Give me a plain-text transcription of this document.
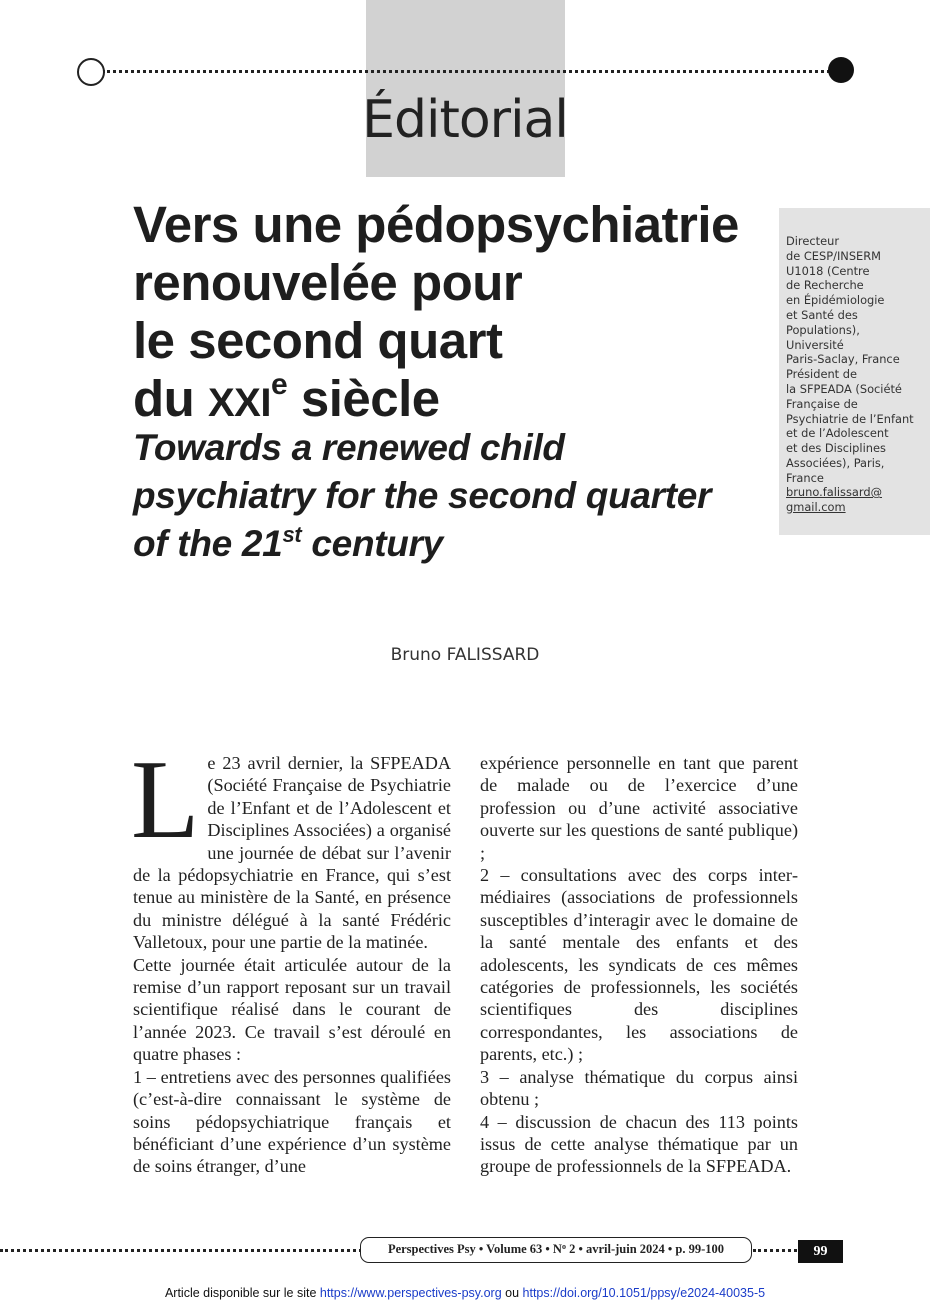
Éditorial
Vers une pédopsychiatrie
renouvelée pour
le second quart
du XXIe siècle
Towards a renewed child
psychiatry for the second quarter
of the 21st century
Directeur
de CESP/INSERM
U1018 (Centre
de Recherche
en Épidémiologie
et Santé des
Populations),
Université
Paris-Saclay, France
Président de
la SFPEADA (Société
Française de
Psychiatrie de l’Enfant
et de l’Adolescent
et des Disciplines
Associées), Paris,
France
bruno.falissard@
gmail.com
Bruno FALISSARD

Le 23 avril dernier, la SFPEADA (Société Française de Psychiatrie de l’Enfant et de l’Adolescent et Disciplines Associées) a organisé une journée de débat sur l’avenir de la pédopsychiatrie en France, qui s’est tenue au ministère de la Santé, en présence du ministre délégué à la santé Frédéric Valletoux, pour une partie de la matinée.

Cette journée était articulée autour de la remise d’un rapport reposant sur un travail scientifique réalisé dans le courant de l’année 2023. Ce travail s’est déroulé en quatre phases :

1 – entretiens avec des personnes qualifiées (c’est-à-dire connaissant le système de soins pédopsychiatrique français et bénéficiant d’une expérience d’un système de soins étranger, d’une

expérience personnelle en tant que parent de malade ou de l’exercice d’une profession ou d’une activité associative ouverte sur les questions de santé publique) ;

2 – consultations avec des corps intermédiaires (associations de professionnels susceptibles d’interagir avec le domaine de la santé mentale des enfants et des adolescents, les syndicats de ces mêmes catégories de professionnels, les sociétés scientifiques des disciplines correspondantes, les associations de parents, etc.) ;

3 – analyse thématique du corpus ainsi obtenu ;

4 – discussion de chacun des 113 points issus de cette analyse thématique par un groupe de professionnels de la SFPEADA.

Perspectives Psy • Volume 63 • $N^o$ 2 • avril-juin 2024 • p. 99-100	99
Article disponible sur le site https://www.perspectives-psy.org ou https://doi.org/10.1051/ppsy/e2024-40035-5
